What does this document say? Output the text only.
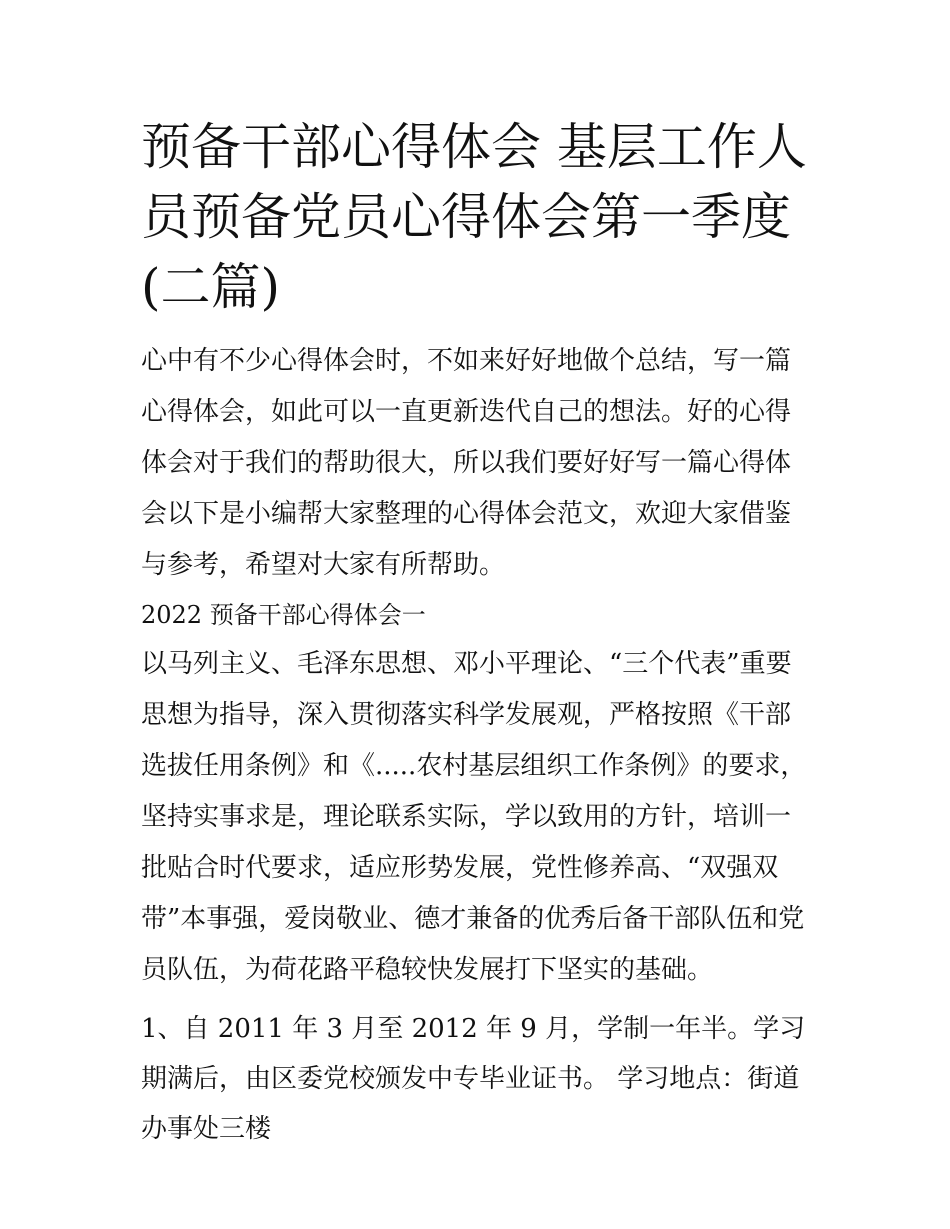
预备干部心得体会 基层工作人员预备党员心得体会第一季度(二篇)

心中有不少心得体会时，不如来好好地做个总结，写一篇心得体会，如此可以一直更新迭代自己的想法。好的心得体会对于我们的帮助很大，所以我们要好好写一篇心得体会以下是小编帮大家整理的心得体会范文，欢迎大家借鉴与参考，希望对大家有所帮助。

2022 预备干部心得体会一

以马列主义、毛泽东思想、邓小平理论、“三个代表”重要思想为指导，深入贯彻落实科学发展观，严格按照《干部选拔任用条例》和《.....农村基层组织工作条例》的要求，坚持实事求是，理论联系实际，学以致用的方针，培训一批贴合时代要求，适应形势发展，党性修养高、“双强双带”本事强，爱岗敬业、德才兼备的优秀后备干部队伍和党员队伍，为荷花路平稳较快发展打下坚实的基础。

1、自 2011 年 3 月至 2012 年 9 月，学制一年半。学习期满后，由区委党校颁发中专毕业证书。 学习地点：街道办事处三楼
